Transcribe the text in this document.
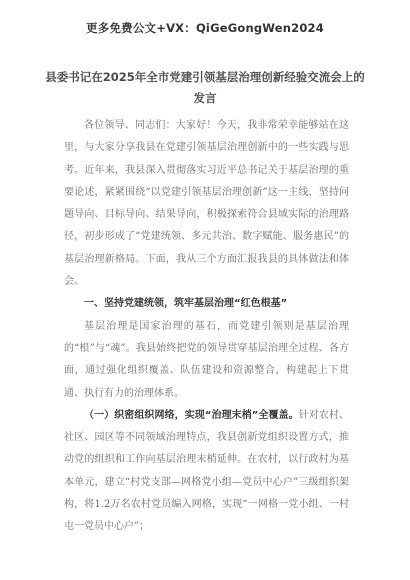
更多免费公文+VX：QiGeGongWen2024
县委书记在2025年全市党建引领基层治理创新经验交流会上的发言

各位领导、同志们：大家好！今天，我非常荣幸能够站在这里，与大家分享我县在党建引领基层治理创新中的一些实践与思考。近年来，我县深入贯彻落实习近平总书记关于基层治理的重要论述，紧紧围绕“以党建引领基层治理创新”这一主线，坚持问题导向、目标导向、结果导向，积极探索符合县域实际的治理路径，初步形成了“党建统领、多元共治、数字赋能、服务惠民”的基层治理新格局。下面，我从三个方面汇报我县的具体做法和体会。

一、坚持党建统领，筑牢基层治理“红色根基”

基层治理是国家治理的基石，而党建引领则是基层治理的“根”与“魂”。我县始终把党的领导贯穿基层治理全过程、各方面，通过强化组织覆盖、队伍建设和资源整合，构建起上下贯通、执行有力的治理体系。

（一）织密组织网络，实现“治理末梢”全覆盖。针对农村、社区、园区等不同领域治理特点，我县创新党组织设置方式，推动党的组织和工作向基层治理末梢延伸。在农村，以行政村为基本单元，建立“村党支部—网格党小组—党员中心户”三级组织架构，将1.2万名农村党员编入网格，实现“一网格一党小组、一村屯一党员中心户”；
